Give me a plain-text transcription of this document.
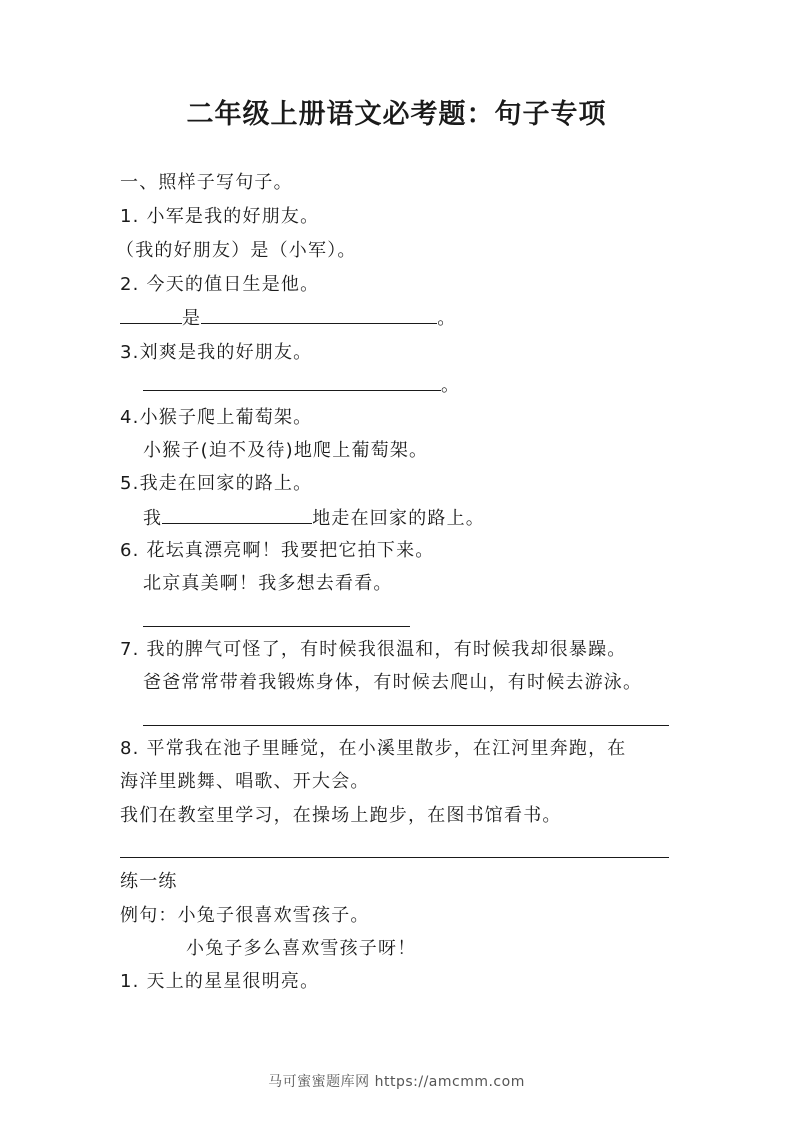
二年级上册语文必考题：句子专项
一、照样子写句子。
1. 小军是我的好朋友。
（我的好朋友）是（小军）。
2. 今天的值日生是他。
是	。
3.刘爽是我的好朋友。
。
4.小猴子爬上葡萄架。
小猴子(迫不及待)地爬上葡萄架。
5.我走在回家的路上。
我	地走在回家的路上。
6. 花坛真漂亮啊！我要把它拍下来。
北京真美啊！我多想去看看。
7. 我的脾气可怪了，有时候我很温和，有时候我却很暴躁。
爸爸常常带着我锻炼身体，有时候去爬山，有时候去游泳。
8. 平常我在池子里睡觉，在小溪里散步，在江河里奔跑，在
海洋里跳舞、唱歌、开大会。
我们在教室里学习，在操场上跑步，在图书馆看书。
练一练
例句：小兔子很喜欢雪孩子。
小兔子多么喜欢雪孩子呀！
1. 天上的星星很明亮。
马可蜜蜜题库网 https://amcmm.com
